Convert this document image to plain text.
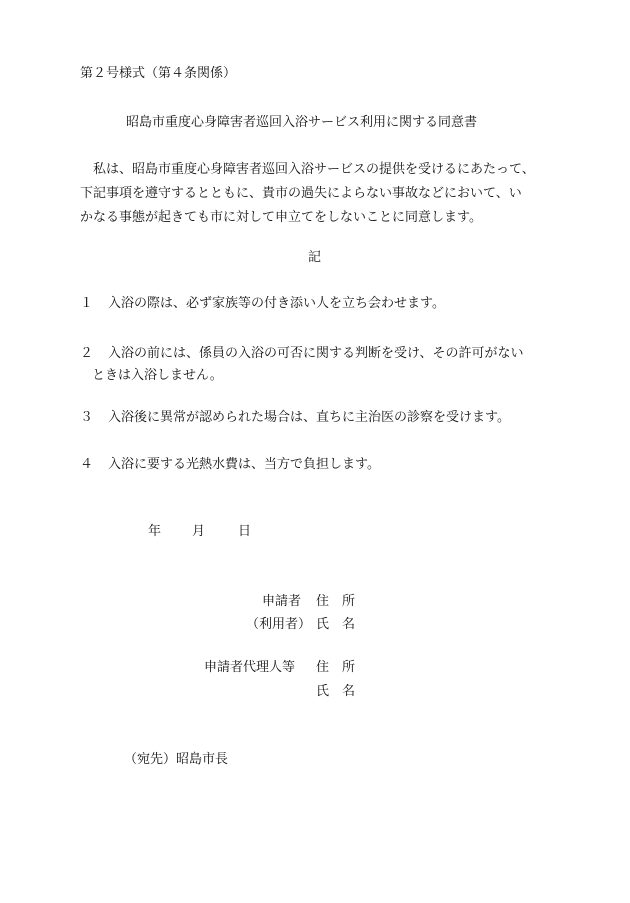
第２号様式（第４条関係）
昭島市重度心身障害者巡回入浴サービス利用に関する同意書
私は、昭島市重度心身障害者巡回入浴サービスの提供を受けるにあたって、
下記事項を遵守するとともに、貴市の過失によらない事故などにおいて、い
かなる事態が起きても市に対して申立てをしないことに同意します。
記
１ 入浴の際は、必ず家族等の付き添い人を立ち会わせます。
２ 入浴の前には、係員の入浴の可否に関する判断を受け、その許可がない
ときは入浴しません。
３ 入浴後に異常が認められた場合は、直ちに主治医の診察を受けます。
４ 入浴に要する光熱水費は、当方で負担します。
年 月	日
申請者 住　所
（利用者） 氏　名
申請者代理人等 住　所
氏　名
（宛先）昭島市長
